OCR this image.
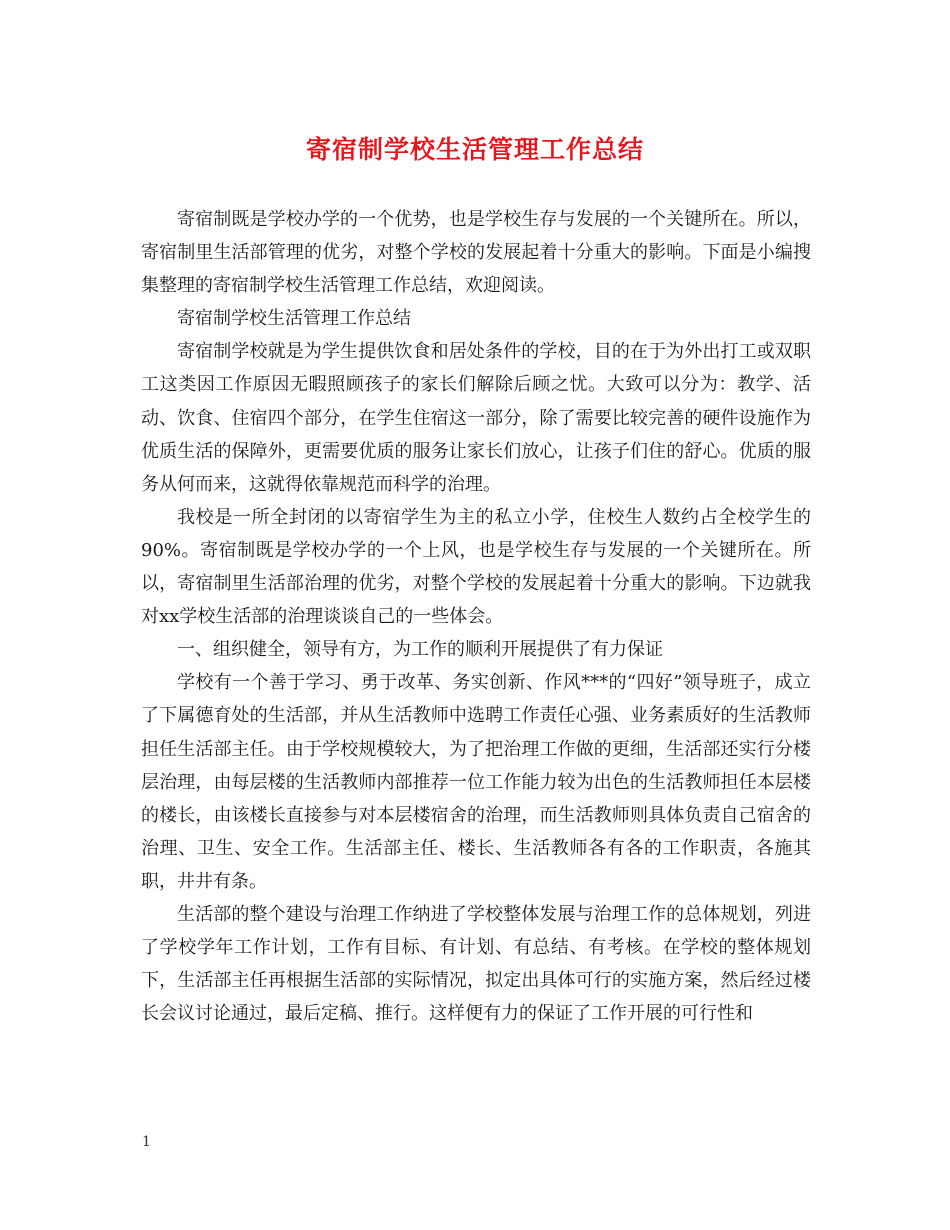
寄宿制学校生活管理工作总结

寄宿制既是学校办学的一个优势，也是学校生存与发展的一个关键所在。所以，寄宿制里生活部管理的优劣，对整个学校的发展起着十分重大的影响。下面是小编搜集整理的寄宿制学校生活管理工作总结，欢迎阅读。

寄宿制学校生活管理工作总结

寄宿制学校就是为学生提供饮食和居处条件的学校，目的在于为外出打工或双职工这类因工作原因无暇照顾孩子的家长们解除后顾之忧。大致可以分为：教学、活动、饮食、住宿四个部分，在学生住宿这一部分，除了需要比较完善的硬件设施作为优质生活的保障外，更需要优质的服务让家长们放心，让孩子们住的舒心。优质的服务从何而来，这就得依靠规范而科学的治理。

我校是一所全封闭的以寄宿学生为主的私立小学，住校生人数约占全校学生的90%。寄宿制既是学校办学的一个上风，也是学校生存与发展的一个关键所在。所以，寄宿制里生活部治理的优劣，对整个学校的发展起着十分重大的影响。下边就我对xx学校生活部的治理谈谈自己的一些体会。

一、组织健全，领导有方，为工作的顺利开展提供了有力保证

学校有一个善于学习、勇于改革、务实创新、作风***的“四好”领导班子，成立了下属德育处的生活部，并从生活教师中选聘工作责任心强、业务素质好的生活教师担任生活部主任。由于学校规模较大，为了把治理工作做的更细，生活部还实行分楼层治理，由每层楼的生活教师内部推荐一位工作能力较为出色的生活教师担任本层楼的楼长，由该楼长直接参与对本层楼宿舍的治理，而生活教师则具体负责自己宿舍的治理、卫生、安全工作。生活部主任、楼长、生活教师各有各的工作职责，各施其职，井井有条。

生活部的整个建设与治理工作纳进了学校整体发展与治理工作的总体规划，列进了学校学年工作计划，工作有目标、有计划、有总结、有考核。在学校的整体规划下，生活部主任再根据生活部的实际情况，拟定出具体可行的实施方案，然后经过楼长会议讨论通过，最后定稿、推行。这样便有力的保证了工作开展的可行性和

1
